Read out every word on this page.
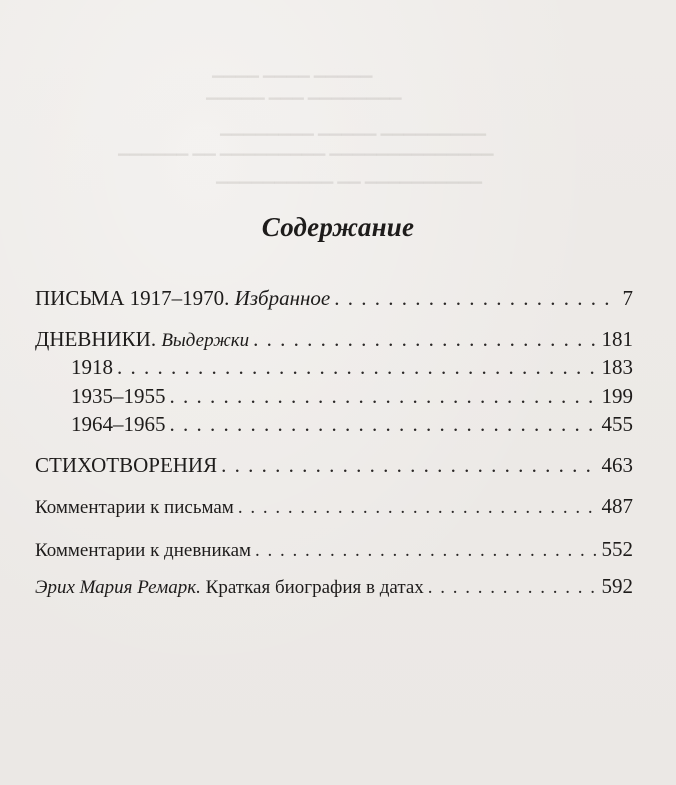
▁▁▁▁ ▁▁▁▁ ▁▁▁▁▁
▁▁▁▁▁ ▁▁▁ ▁▁▁▁▁▁▁▁
▁▁▁▁▁▁▁▁ ▁▁▁▁▁ ▁▁▁▁▁▁▁▁▁
▁▁▁▁▁▁ ▁▁ ▁▁▁▁▁▁▁▁▁ ▁▁▁▁▁▁▁▁▁▁▁▁▁▁
▁▁▁▁▁▁▁▁▁▁ ▁▁ ▁▁▁▁▁▁▁▁▁▁
Содержание
ПИСЬМА 1917–1970. Избранное . . .	7
ДНЕВНИКИ. Выдержки . . .	181
1918 . . .	183
1935–1955 . . .	199
1964–1965 . . .	455
СТИХОТВОРЕНИЯ . . .	463
Комментарии к письмам . . .	487
Комментарии к дневникам . . .	552
Эрих Мария Ремарк. Краткая биография в датах . . .	592
